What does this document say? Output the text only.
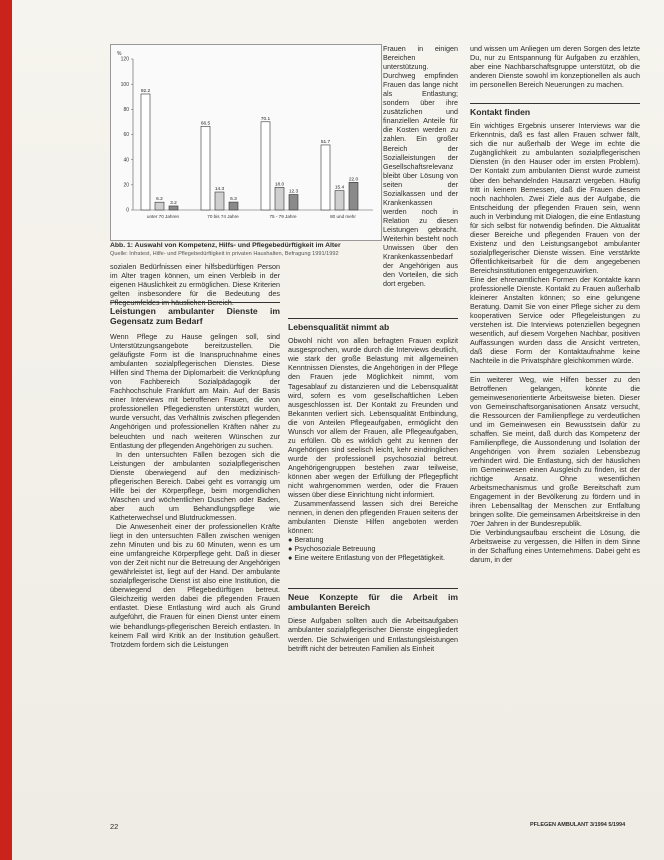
%
120
100
80
60
40
20
0
92.2
6.2
3.2
unter 70 Jahren
66.5
14.3
6.3
70 bis 74 Jahre
70.1
18.0
12.3
75 - 79 Jahre
51.7
15.4
22.0
80 und mehr
Abb. 1: Auswahl von Kompetenz, Hilfs- und Pflegebedürftigkeit im Alter
Quelle: Infratest, Hilfe- und Pflegebedürftigkeit in privaten Haushalten, Befragung 1991/1992

sozialen Bedürfnissen einer hilfsbedürftigen Person im Alter tragen können, um einen Verbleib in der eigenen Häuslichkeit zu ermöglichen. Diese Kriterien gelten insbesondere für die Bedeutung des Pflegeumfeldes im häuslichen Bereich.

Leistungen ambulanter Dienste im Gegensatz zum Bedarf

Wenn Pflege zu Hause gelingen soll, sind Unterstützungsangebote bereitzustellen. Die geläufigste Form ist die Inanspruchnahme eines ambulanten sozialpflegerischen Dienstes. Diese Hilfen sind Thema der Diplomarbeit: die Verknüpfung von Fachbereich Sozialpädagogik der Fachhochschule Frankfurt am Main. Auf der Basis einer Interviews mit betroffenen Frauen, die von professionellen Pflegediensten unterstützt wurden, wurde versucht, das Verhältnis zwischen pflegenden Angehörigen und professionellen Kräften näher zu beleuchten und nach weiteren Wünschen zur Entlastung der pflegenden Angehörigen zu suchen.

In den untersuchten Fällen bezogen sich die Leistungen der ambulanten sozialpflegerischen Dienste überwiegend auf den medizinisch-pflegerischen Bereich. Dabei geht es vorrangig um Hilfe bei der Körperpflege, beim morgendlichen Waschen und wöchentlichen Duschen oder Baden, aber auch um Behandlungspflege wie Katheterwechsel und Blutdruckmessen.

Die Anwesenheit einer der professionellen Kräfte liegt in den untersuchten Fällen zwischen wenigen zehn Minuten und bis zu 60 Minuten, wenn es um eine umfangreiche Körperpflege geht. Daß in dieser von der Zeit nicht nur die Betreuung der Angehörigen gewährleistet ist, liegt auf der Hand. Der ambulante sozialpflegerische Dienst ist also eine Institution, die überwiegend den Pflegebedürftigen betreut. Gleichzeitig werden dabei die pflegenden Frauen entlastet. Diese Entlastung wird auch als Grund aufgeführt, die Frauen für einen Dienst unter einem wie behandlungs-pflegerischen Bereich entlasten. In keinem Fall wird Kritik an der Institution geäußert. Trotzdem fordern sich die Leistungen

Frauen in einigen Bereichen unterstützung. Durchweg empfinden Frauen das lange nicht als Entlastung; sondern über ihre zusätzlichen und finanziellen Anteile für die Kosten werden zu zahlen. Ein großer Bereich der Sozialleistungen der Gesellschaftsrelevanz bleibt über Lösung von seiten der Sozialkassen und der Krankenkassen werden noch in Relation zu diesen Leistungen gebracht. Weiterhin besteht noch Unwissen über den Krankenkassenbedarf der Angehörigen aus den Vorteilen, die sich dort ergeben.

Lebensqualität nimmt ab

Obwohl nicht von allen befragten Frauen explizit ausgesprochen, wurde durch die Interviews deutlich, wie stark der große Belastung mit allgemeinen Kenntnissen Dienstes, die Angehörigen in der Pflege den Frauen jede Möglichkeit nimmt, vom Tagesablauf zu distanzieren und die Lebensqualität wird, sofern es vom gesellschaftlichen Leben ausgeschlossen ist. Der Kontakt zu Freunden und Bekannten verliert sich. Lebensqualität Entbindung, die von Anteilen Pflegeaufgaben, ermöglicht den Wunsch vor allem der Frauen, alle Pflegeaufgaben, zu erfüllen. Ob es wirklich geht zu kennen der Angehörigen sind seelisch leicht, kehr eindringlichen wurde der professionell psychosozial betreut. Angehörigengruppen bestehen zwar teilweise, können aber wegen der Erfüllung der Pflegepflicht nicht wahrgenommen werden, oder die Frauen wissen über diese Einrichtung nicht informiert.

Zusammenfassend lassen sich drei Bereiche nennen, in denen den pflegenden Frauen seitens der ambulanten Dienste Hilfen angeboten werden können:

● Beratung
● Psychosoziale Betreuung
● Eine weitere Entlastung von der Pflegetätigkeit.

Neue Konzepte für die Arbeit im ambulanten Bereich

Diese Aufgaben sollten auch die Arbeitsaufgaben ambulanter sozialpflegerischer Dienste eingegliedert werden. Die Schwierigen und Entlastungsleistungen betrifft nicht der betreuten Familien als Einheit

und wissen um Anliegen um deren Sorgen des letzte Du, nur zu Entspannung für Aufgaben zu erzählen, aber eine Nachbarschaftsgruppe unterstützt, ob die anderen Dienste sowohl im konzeptionellen als auch im personellen Bereich Neuerungen zu machen.

Kontakt finden

Ein wichtiges Ergebnis unserer Interviews war die Erkenntnis, daß es fast allen Frauen schwer fällt, sich die nur außerhalb der Wege im echte die Zugänglichkeit zu ambulanten sozialpflegerischen Diensten (in den Hauser oder im ersten Problem). Der Kontakt zum ambulanten Dienst wurde zumeist über den behandelnden Hausarzt vergeben. Häufig tritt in keinem Bemessen, daß die Frauen diesem noch nachholen. Zwei Ziele aus der Aufgabe, die Entscheidung der pflegenden Frauen sein, wenn auch in Verbindung mit Dialogen, die eine Entlastung für sich selbst für notwendig befinden. Die Aktualität dieser Bereiche und pflegenden Frauen von der Existenz und den Leistungsangebot ambulanter sozialpflegerischer Dienste wissen. Eine verstärkte Öffentlichkeitsarbeit für die dem angegebenen Bereichsinstitutionen entgegenzuwirken.

Eine der ehrenamtlichen Formen der Kontakte kann professionelle Dienste. Kontakt zu Frauen außerhalb kleinerer Anstalten können; so eine gelungene Beratung. Damit Sie von einer Pflege sicher zu dem kooperativen Service oder Pflegeleistungen zu verstehen ist. Die Interviews potenziellen begegnen wesentlich, auf diesem Vorgehen Nachbar, positiven Auffassungen wurden dass die Ansicht vertreten, daß diese Form der Kontaktaufnahme keine Nachteile in die Privatsphäre gleichkommen würde.

Ein weiterer Weg, wie Hilfen besser zu den Betroffenen gelangen, könnte die gemeinwesenorientierte Arbeitsweise bieten. Dieser von Gemeinschaftsorganisationen Ansatz versucht, die Ressourcen der Familienpflege zu verdeutlichen und im Gemeinwesen ein Bewusstsein dafür zu schaffen. Sie meint, daß durch das Kompetenz der Familienpflege, die Aussonderung und Isolation der Angehörigen von ihrem sozialen Lebensbezug verhindert wird. Die Entlastung, sich der häuslichen im Gemeinwesen einen Ausgleich zu finden, ist der richtige Ansatz. Ohne wesentlichen Arbeitsmechanismus und große Bereitschaft zum Engagement in der Bevölkerung zu fördern und in ihren Lebensalltag der Menschen zur Entfaltung bringen sollte. Die gemeinsamen Arbeitskreise in den 70er Jahren in der Bundesrepublik.

Die Verbindungsaufbau erscheint die Lösung, die Arbeitsweise zu vergessen, die Hilfen in dem Sinne in der Schaffung eines Unternehmens. Dabei geht es darum, in der

22	PFLEGEN AMBULANT 3/1994 5/1994
